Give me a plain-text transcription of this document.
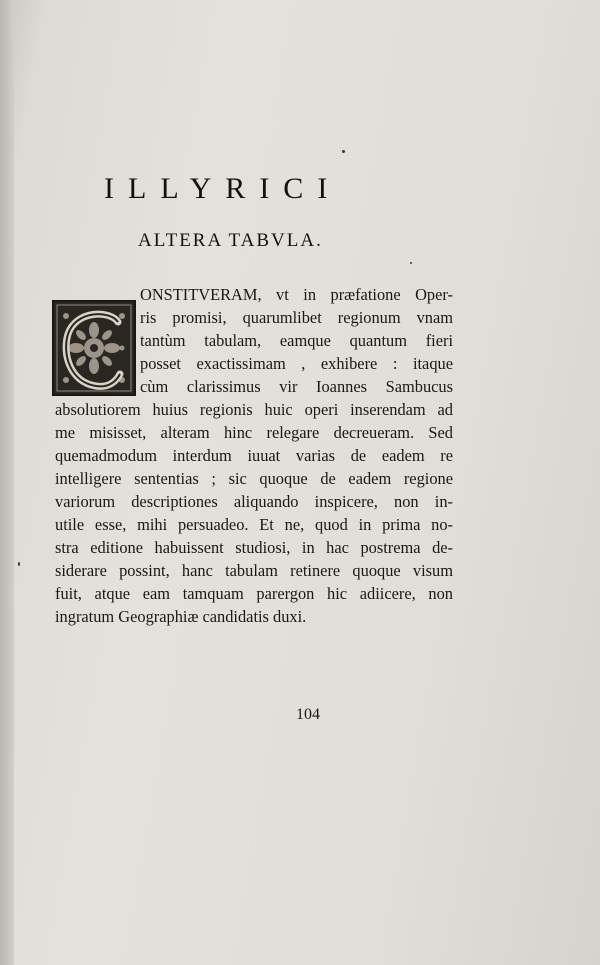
ILLYRICI
ALTERA TABVLA.

ONSTITVERAM, vt in præfatione Oper-
ris promisi, quarumlibet regionum vnam
tantùm tabulam, eamque quantum fieri
posset exactissimam , exhibere : itaque
cùm clarissimus vir Ioannes Sambucus
absolutiorem huius regionis huic operi inserendam ad
me misisset, alteram hinc relegare decreueram. Sed
quemadmodum interdum iuuat varias de eadem re
intelligere sententias ; sic quoque de eadem regione
variorum descriptiones aliquando inspicere, non in-
utile esse, mihi persuadeo. Et ne, quod in prima no-
stra editione habuissent studiosi, in hac postrema de-
siderare possint, hanc tabulam retinere quoque visum
fuit, atque eam tamquam parergon hic adiicere, non
ingratum Geographiæ candidatis duxi.

104
